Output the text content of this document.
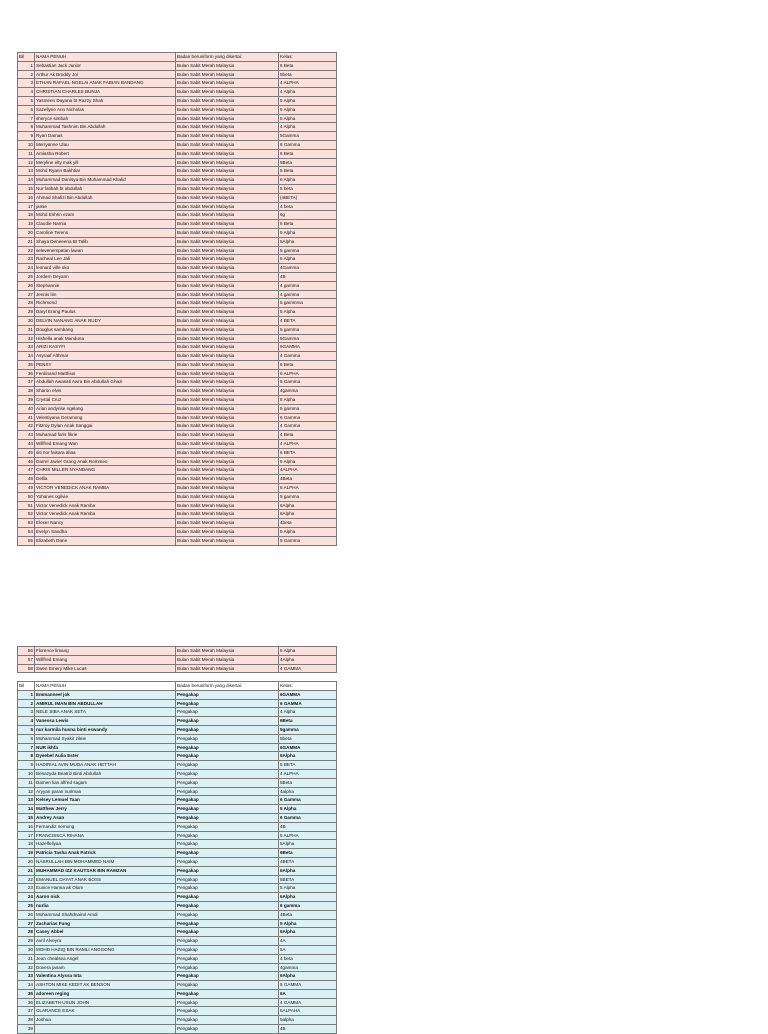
Bil	NAMA PENUH	Badan beruniform yang disertai:	Kelas:
1	Sebastian Jack Junior	Bulan Sabit Merah Malaysia	6 Beta
2	Arthur Ak Broddy Jol	Bulan Sabit Merah Malaysia	5beta
3	ETHAN RAFAEL NGELAI ANAK FABIAN BANDANG	Bulan Sabit Merah Malaysia	4 ALPHA
4	CHRISTIAN CHARLES BUNJA	Bulan Sabit Merah Malaysia	4 Alpha
5	Yasmeen Dayana bt Razzy Shah	Bulan Sabit Merah Malaysia	5 Alpha
6	Sazellyne Ann Nicholas	Bulan Sabit Merah Malaysia	5 Alpha
7	sheryce simbah	Bulan Sabit Merah Malaysia	5 Alpha
8	Muhammad Tashnim Bin Abdullah	Bulan Sabit Merah Malaysia	4 Alpha
9	Ryan Damas	Bulan Sabit Merah Malaysia	5Gamma
10	Merryanne Ulau	Bulan Sabit Merah Malaysia	6 Gamma
11	Amiasha Robert	Bulan Sabit Merah Malaysia	6 Beta
12	Meryline elty mak yill	Bulan Sabit Merah Malaysia	5Beta
13	Mohd Ryann Bakhtiar	Bulan Sabit Merah Malaysia	5 Beta
14	Muhammad Danisya Bin Muhammad Khalid	Bulan Sabit Merah Malaysia	6 Alpha
15	Nur fatihah bt abdullah	Bulan Sabit Merah Malaysia	5 beta
16	Ahmad Shafizi Bin Abdullah	Bulan Sabit Merah Malaysia	(4BETA)
17	jamie	Bulan Sabit Merah Malaysia	4 beta
18	Mohd Eshrin ezam	Bulan Sabit Merah Malaysia	6g
19	Claudie Namia	Bulan Sabit Merah Malaysia	6 Beta
20	Caroline Terens	Bulan Sabit Merah Malaysia	5 Alpha
21	Shaya Deneeena Bt Talib	Bulan Sabit Merah Malaysia	5Alpha
22	selevenempatan lawan	Bulan Sabit Merah Malaysia	5 gamma
23	Racheal Lee Jali	Bulan Sabit Merah Malaysia	6 Alpha
24	leonard ville oko	Bulan Sabit Merah Malaysia	4Gamma
25	Jordern Deyann	Bulan Sabit Merah Malaysia	4B
26	Stephannie	Bulan Sabit Merah Malaysia	4 gamma
27	Jennis lim	Bulan Sabit Merah Malaysia	4 gamma
28	Richmond	Bulan Sabit Merah Malaysia	5 gammma
29	Daryl Erang Paulus	Bulan Sabit Merah Malaysia	5 Alpha
30	DELVIN NANANG ANAK RUDY	Bulan Sabit Merah Malaysia	4 BETA
31	Douglus sambang	Bulan Sabit Merah Malaysia	5 gamma
32	Hishella anak Manduna	Bulan Sabit Merah Malaysia	5Gamma
33	ARIZI KASYFI	Bulan Sabit Merah Malaysia	5GAMMA
34	Asyraaf Althmar	Bulan Sabit Merah Malaysia	4 Gamma
35	PENSY	Bulan Sabit Merah Malaysia	6 Beta
36	Ferdinand Matthius	Bulan Sabit Merah Malaysia	6 ALPHA
37	Abdullah Awasati Awra Bin Abdullah Ghazi	Bulan Sabit Merah Malaysia	5 Gamma
38	Sharon elvis	Bulan Sabit Merah Malaysia	4gamma
39	Crystal Cruz	Bulan Sabit Merah Malaysia	6 Alpha
40	Arian andyrise ngelang	Bulan Sabit Merah Malaysia	5 gamma
41	Velestiyana Geramong	Bulan Sabit Merah Malaysia	6 Gamma
42	Fitzroy Dylan Anak Sanggai	Bulan Sabit Merah Malaysia	4 Gamma
43	Muhamad faris fikrie	Bulan Sabit Merah Malaysia	4 Beta
44	Willfred Emang Wan	Bulan Sabit Merah Malaysia	4 ALPHA
45	siti nor faisara aliaa	Bulan Sabit Merah Malaysia	6 BETA
46	Darrel Javier Grang Anak Rommeo	Bulan Sabit Merah Malaysia	5 Alpha
47	CHRIS MILLER NYANDANG	Bulan Sabit Merah Malaysia	4ALPHA
48	Dellia	Bulan Sabit Merah Malaysia	4Beta
49	VICTOR VENEDICK ANAK RAMBA	Bulan Sabit Merah Malaysia	6 ALPHA
50	Yohanes ogilvie	Bulan Sabit Merah Malaysia	5 gamma
51	Victor Venedick Anak Ramba	Bulan Sabit Merah Malaysia	6Alpha
52	Victor Venedick Anak Ramba	Bulan Sabit Merah Malaysia	6Alpha
53	Elexer Nancy	Bulan Sabit Merah Malaysia	4beta
54	Evelyn Sandha	Bulan Sabit Merah Malaysia	5 Alpha
55	Elizabeth Dane	Bulan Sabit Merah Malaysia	5 Gamma
56	Florence limang	Bulan Sabit Merah Malaysia	6 Alpha
57	Willfred Emang	Bulan Sabit Merah Malaysia	4Alpha
58	Swen Emery Mike Lucas	Bulan Sabit Merah Malaysia	4 GAMMA
Bil	NAMA PENUH	Badan beruniform yang disertai:	Kelas:
1	Emmanneel jok	Pengakap	6GAMMA
2	AMIRUL IMAN BIN ABDULLAH	Pengakap	6 GAMMA
3	NELE SIBA ANAK SETA	Pengakap	4 Alpha
4	Vanessa Lewis	Pengakap	6Beta
5	nur karmila husna binti eswandy	Pengakap	5gamma
6	Mohammad Syakir zileie	Pengakap	5beta
7	NUR ikhfa	Pengakap	6GAMMA
8	Dyeebel Aulia Ester	Pengakap	6Alpha
9	HADIRIAL AVIN MUDA ANAK HETTAH	Pengakap	5 BETA
10	Benazyda Beatriz Binti Abdullah	Pengakap	4 ALPHA
11	Damen lian alfred sagam	Pengakap	5Beta
12	Aryyan paran nuriman	Pengakap	4alpha
13	Kelsey Lemuel Taan	Pengakap	6 Gamma
14	Matthew Jerry	Pengakap	5 Alpha
15	Andrey Asan	Pengakap	6 Gamma
16	Fernandiz nemong	Pengakap	4B
17	FRANCISSCA RIHANA	Pengakap	5 ALPHA
18	Hazelfeliyaa	Pengakap	5Alpha
19	Patricia Tasha Anak Patrick	Pengakap	6Beta
20	NASRULLAH BIN MOHAMMED NAIM	Pengakap	4BETA
21	MUHAMMAD IZZ KAUTSAR BIN RAMZAN	Pengakap	6Alpha
22	EMANUEL DAYAT ANAK BOSS	Pengakap	5BETA
23	Eunice Hanna ak Olam	Pengakap	5 Alpha
24	Aaron nick	Pengakap	6Alpha
25	nurlia	Pengakap	6 gamma
26	Mohammad Shahdnairul Amdi	Pengakap	4Beta
27	Zacharias Fung	Pengakap	5 Alpha
28	Casey Abbel	Pengakap	6Alpha
29	Avril Alveyra	Pengakap	4A
30	MOHD HAZIQ BIN RAMLI ANGGONG	Pengakap	5A
31	Jean chealsea Angel	Pengakap	4 beta
32	Dovera janam	Pengakap	4gamma
33	Valentina Alyssa Inta	Pengakap	6Alpha
34	ASHTON MIKE KEDIT AK BENSON	Pengakap	5 GAMMA
35	adoreen reging	Pengakap	6A
36	ELIZABETH USUN JOHN	Pengakap	4 GAMMA
37	CLARANCE ESAK	Pengakap	5ALPAHA
38	Joshua	Pengakap	5alpha
39		Pengakap	4B
